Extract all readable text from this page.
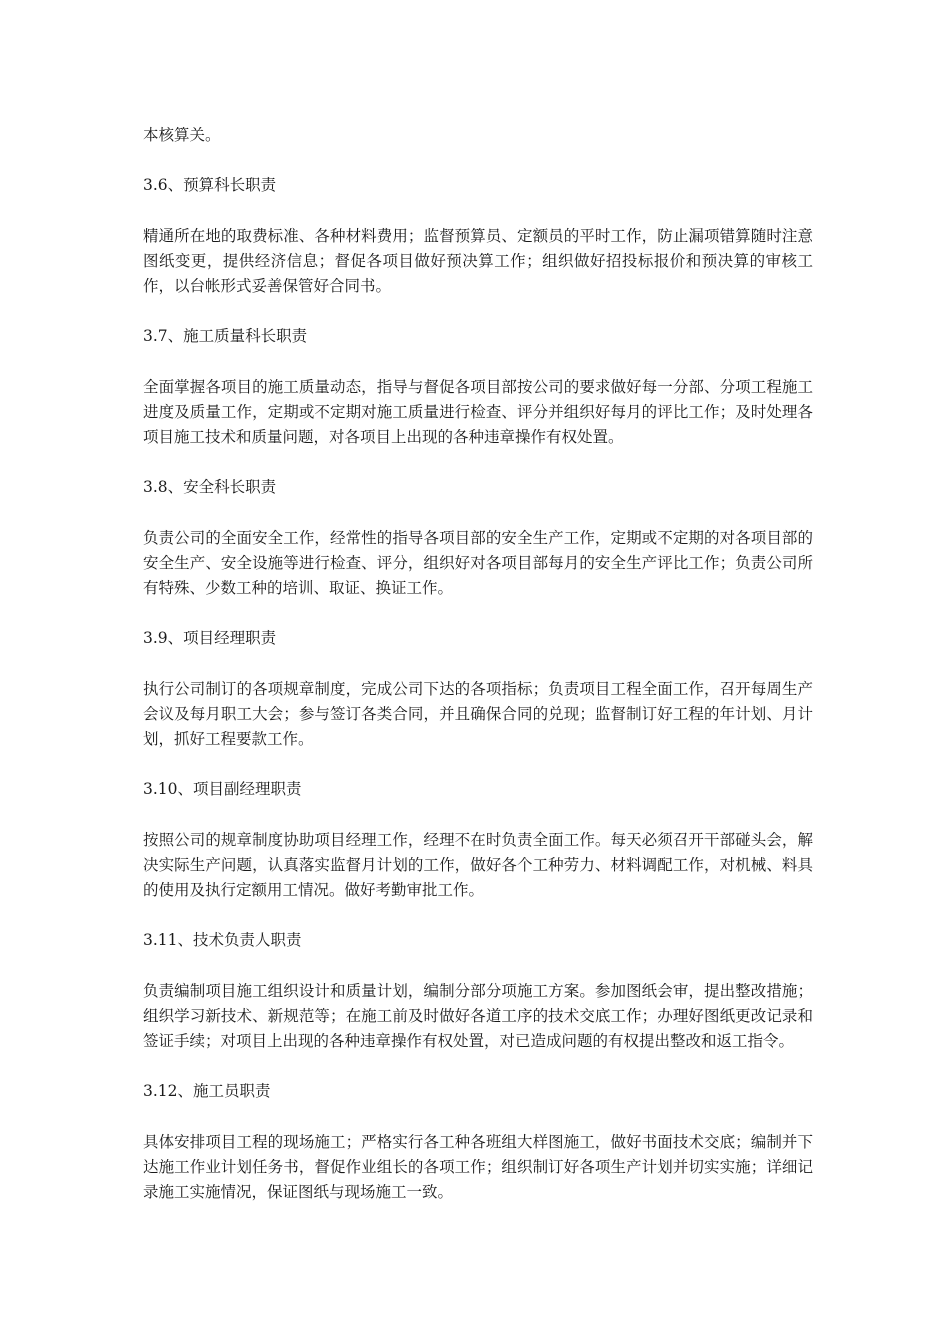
本核算关。

3.6、预算科长职责

精通所在地的取费标准、各种材料费用；监督预算员、定额员的平时工作，防止漏项错算随时注意图纸变更，提供经济信息；督促各项目做好预决算工作；组织做好招投标报价和预决算的审核工作，以台帐形式妥善保管好合同书。

3.7、施工质量科长职责

全面掌握各项目的施工质量动态，指导与督促各项目部按公司的要求做好每一分部、分项工程施工进度及质量工作，定期或不定期对施工质量进行检查、评分并组织好每月的评比工作；及时处理各项目施工技术和质量问题，对各项目上出现的各种违章操作有权处置。

3.8、安全科长职责

负责公司的全面安全工作，经常性的指导各项目部的安全生产工作，定期或不定期的对各项目部的安全生产、安全设施等进行检查、评分，组织好对各项目部每月的安全生产评比工作；负责公司所有特殊、少数工种的培训、取证、换证工作。

3.9、项目经理职责

执行公司制订的各项规章制度，完成公司下达的各项指标；负责项目工程全面工作，召开每周生产会议及每月职工大会；参与签订各类合同，并且确保合同的兑现；监督制订好工程的年计划、月计划，抓好工程要款工作。

3.10、项目副经理职责

按照公司的规章制度协助项目经理工作，经理不在时负责全面工作。每天必须召开干部碰头会，解决实际生产问题，认真落实监督月计划的工作，做好各个工种劳力、材料调配工作，对机械、料具的使用及执行定额用工情况。做好考勤审批工作。

3.11、技术负责人职责

负责编制项目施工组织设计和质量计划，编制分部分项施工方案。参加图纸会审，提出整改措施；组织学习新技术、新规范等；在施工前及时做好各道工序的技术交底工作；办理好图纸更改记录和签证手续；对项目上出现的各种违章操作有权处置，对已造成问题的有权提出整改和返工指令。

3.12、施工员职责

具体安排项目工程的现场施工；严格实行各工种各班组大样图施工，做好书面技术交底；编制并下达施工作业计划任务书，督促作业组长的各项工作；组织制订好各项生产计划并切实实施；详细记录施工实施情况，保证图纸与现场施工一致。
